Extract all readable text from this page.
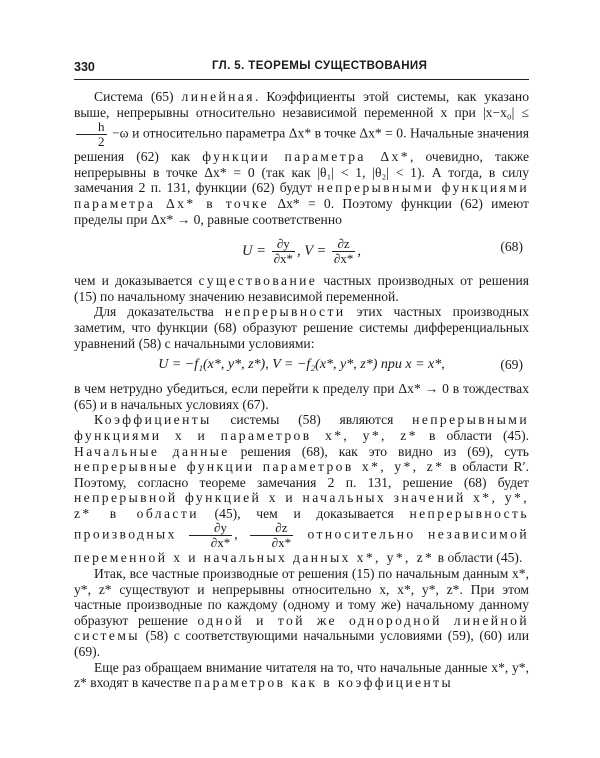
330	ГЛ. 5. ТЕОРЕМЫ СУЩЕСТВОВАНИЯ

Система (65) линейная. Коэффициенты этой системы, как указано выше, непрерывны относительно независимой переменной x при |x−x₀| ≤
$\frac{h}{2} -\omega$ и относительно параметра Δx* в точке Δx* = 0. Начальные значения решения (62) как функции параметра Δx*, очевидно, также непрерывны в точке Δx* = 0 (так как |θ₁| < 1, |θ₂| < 1). А тогда, в силу замечания 2 п. 131, функции (62) будут непрерывными функциями параметра Δx* в точке Δx* = 0. Поэтому функции (62) имеют пределы при Δx* → 0, равные соответственно

$U = \frac{\partial y}{\partial x*}$ , $V = \frac{\partial z}{\partial x*}$ ,	(68)

чем и доказывается существование частных производных от решения (15) по начальному значению независимой переменной.

Для доказательства непрерывности этих частных производных заметим, что функции (68) образуют решение системы дифференциальных уравнений (58) с начальными условиями:

U = −f₁(x*, y*, z*), V = −f₂(x*, y*, z*) при x = x*,	(69)

в чем нетрудно убедиться, если перейти к пределу при Δx* → 0 в тождествах (65) и в начальных условиях (67).

Коэффициенты системы (58) являются непрерывными функциями x и параметров x*, y*, z* в области (45). Начальные данные решения (68), как это видно из (69), суть непрерывные функции параметров x*, y*, z* в области R′. Поэтому, согласно теореме замечания 2 п. 131, решение (68) будет непрерывной функцией x и начальных значений x*, y*, z* в области (45), чем и доказывается непрерывность производных $\frac{\partial y}{\partial x*}$ , $\frac{\partial z}{\partial x*}$ относительно независимой переменной x и начальных данных x*, y*, z* в области (45).

Итак, все частные производные от решения (15) по начальным данным x*, y*, z* существуют и непрерывны относительно x, x*, y*, z*. При этом частные производные по каждому (одному и тому же) начальному данному образуют решение одной и той же однородной линейной системы (58) с соответствующими начальными условиями (59), (60) или (69).

Еще раз обращаем внимание читателя на то, что начальные данные x*, y*, z* входят в качестве параметров как в коэффициенты
